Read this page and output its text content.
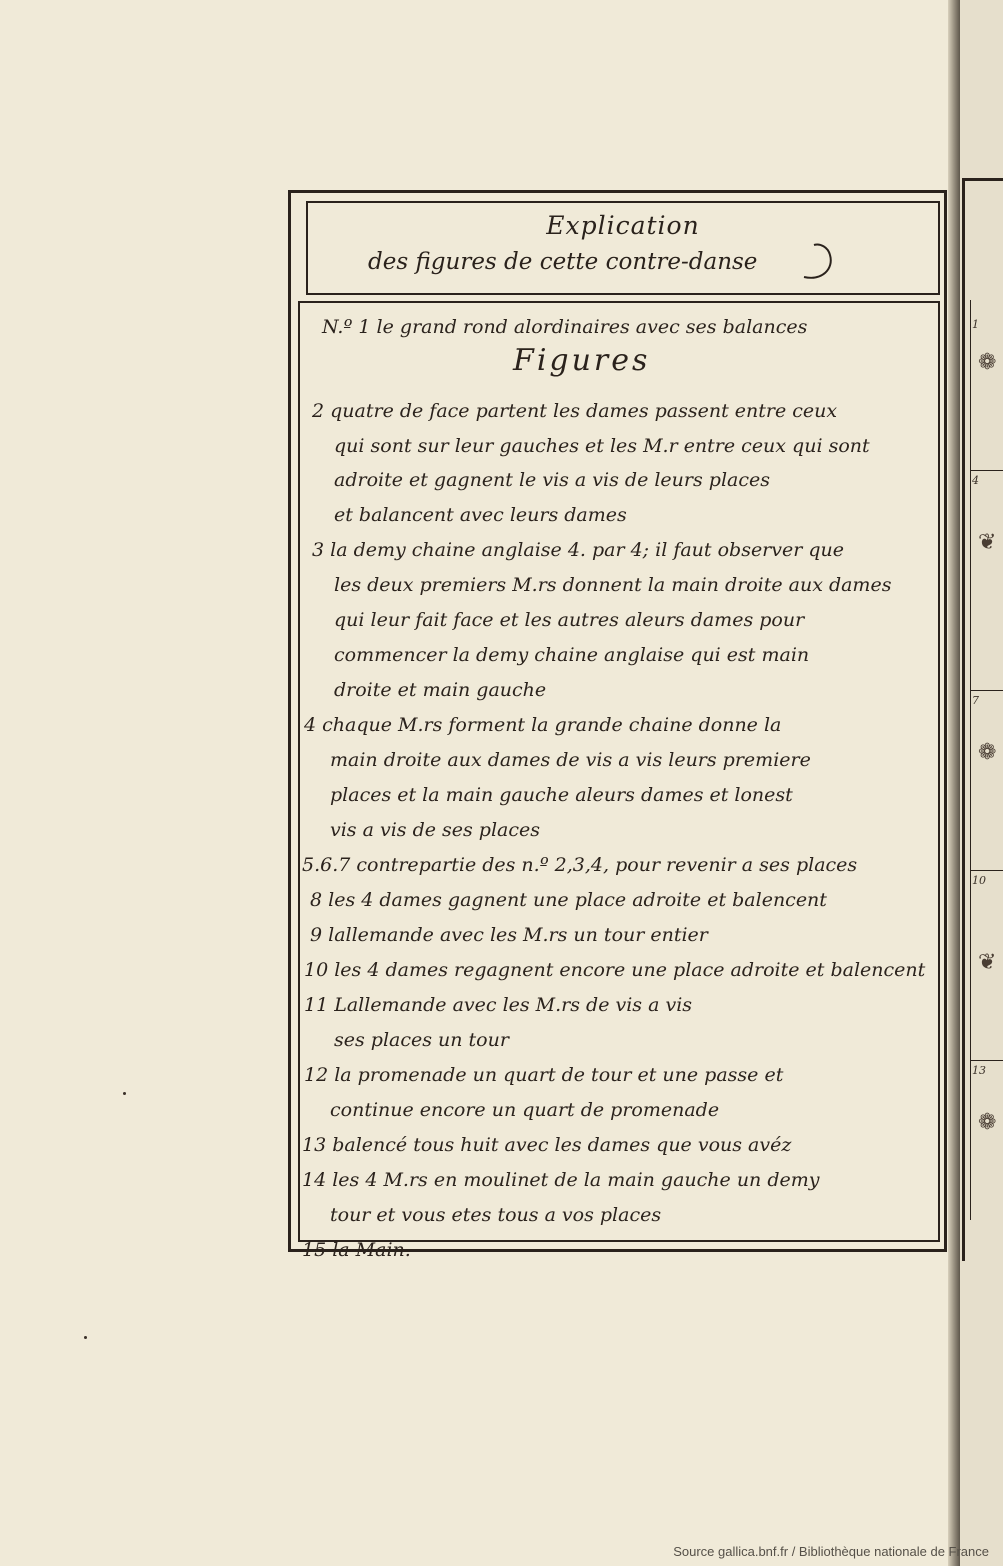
Explication
des figures de cette contre-danse
N.º 1 le grand rond alordinaires avec ses balances
Figures
2 quatre de face partent les dames passent entre ceux
qui sont sur leur gauches et les M.r entre ceux qui sont
adroite et gagnent le vis a vis de leurs places
et balancent avec leurs dames
3 la demy chaine anglaise 4. par 4; il faut observer que
les deux premiers M.rs donnent la main droite aux dames
qui leur fait face et les autres aleurs dames pour
commencer la demy chaine anglaise qui est main
droite et main gauche
4 chaque M.rs forment la grande chaine donne la
main droite aux dames de vis a vis leurs premiere
places et la main gauche aleurs dames et lonest
vis a vis de ses places
5.6.7 contrepartie des n.º 2,3,4, pour revenir a ses places
8 les 4 dames gagnent une place adroite et balencent
9 lallemande avec les M.rs un tour entier
10 les 4 dames regagnent encore une place adroite et balencent
11 Lallemande avec les M.rs de vis a vis
ses places un tour
12 la promenade un quart de tour et une passe et
continue encore un quart de promenade
13 balencé tous huit avec les dames que vous avéz
14 les 4 M.rs en moulinet de la main gauche un demy
tour et vous etes tous a vos places
15 la Main.
1
4
7
10
13
❁
❦
❁
❦
❁
Source gallica.bnf.fr / Bibliothèque nationale de France
